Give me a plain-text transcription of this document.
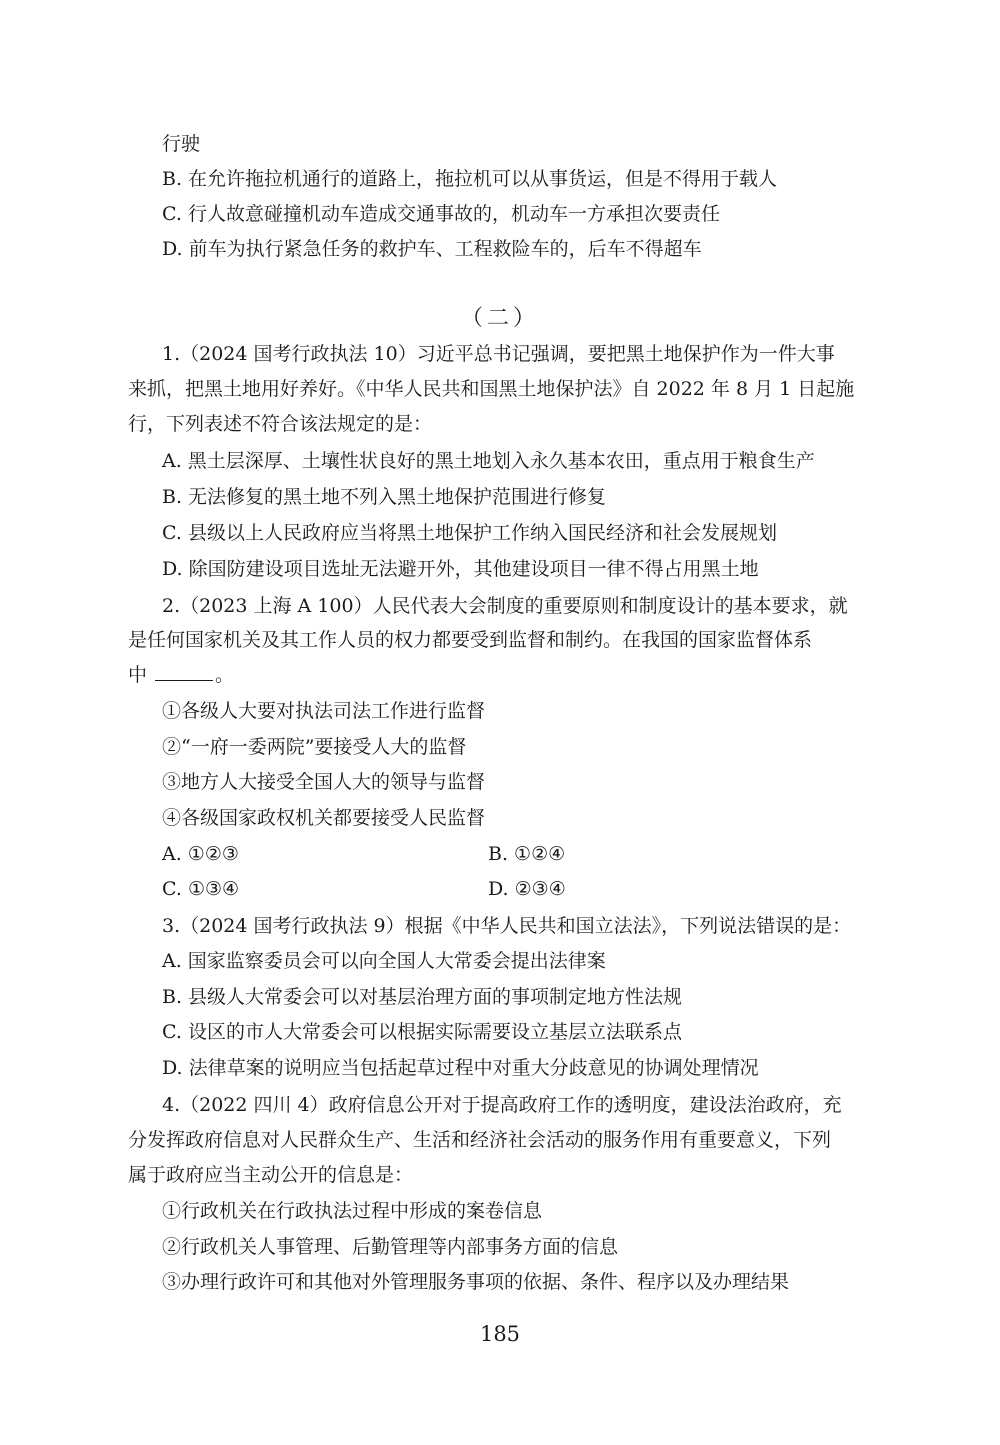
行驶
B. 在允许拖拉机通行的道路上，拖拉机可以从事货运，但是不得用于载人
C. 行人故意碰撞机动车造成交通事故的，机动车一方承担次要责任
D. 前车为执行紧急任务的救护车、工程救险车的，后车不得超车
（二）
1.（2024 国考行政执法 10）习近平总书记强调，要把黑土地保护作为一件大事
来抓，把黑土地用好养好。《中华人民共和国黑土地保护法》自 2022 年 8 月 1 日起施
行，下列表述不符合该法规定的是：
A. 黑土层深厚、土壤性状良好的黑土地划入永久基本农田，重点用于粮食生产
B. 无法修复的黑土地不列入黑土地保护范围进行修复
C. 县级以上人民政府应当将黑土地保护工作纳入国民经济和社会发展规划
D. 除国防建设项目选址无法避开外，其他建设项目一律不得占用黑土地
2.（2023 上海 A 100）人民代表大会制度的重要原则和制度设计的基本要求，就
是任何国家机关及其工作人员的权力都要受到监督和制约。在我国的国家监督体系
中	。
①各级人大要对执法司法工作进行监督
②“一府一委两院”要接受人大的监督
③地方人大接受全国人大的领导与监督
④各级国家政权机关都要接受人民监督
A. ①②③	B. ①②④
C. ①③④	D. ②③④
3.（2024 国考行政执法 9）根据《中华人民共和国立法法》，下列说法错误的是：
A. 国家监察委员会可以向全国人大常委会提出法律案
B. 县级人大常委会可以对基层治理方面的事项制定地方性法规
C. 设区的市人大常委会可以根据实际需要设立基层立法联系点
D. 法律草案的说明应当包括起草过程中对重大分歧意见的协调处理情况
4.（2022 四川 4）政府信息公开对于提高政府工作的透明度，建设法治政府，充
分发挥政府信息对人民群众生产、生活和经济社会活动的服务作用有重要意义，下列
属于政府应当主动公开的信息是：
①行政机关在行政执法过程中形成的案卷信息
②行政机关人事管理、后勤管理等内部事务方面的信息
③办理行政许可和其他对外管理服务事项的依据、条件、程序以及办理结果
185
